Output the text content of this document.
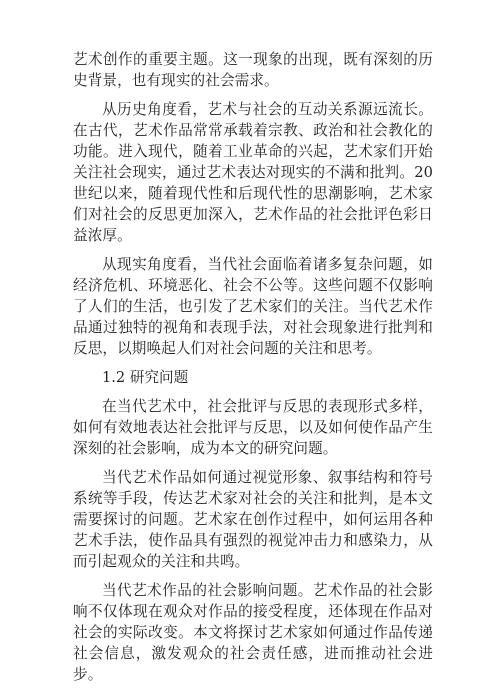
艺术创作的重要主题。这一现象的出现，既有深刻的历史背景，也有现实的社会需求。

从历史角度看，艺术与社会的互动关系源远流长。在古代，艺术作品常常承载着宗教、政治和社会教化的功能。进入现代，随着工业革命的兴起，艺术家们开始关注社会现实，通过艺术表达对现实的不满和批判。20 世纪以来，随着现代性和后现代性的思潮影响，艺术家们对社会的反思更加深入，艺术作品的社会批评色彩日益浓厚。

从现实角度看，当代社会面临着诸多复杂问题，如经济危机、环境恶化、社会不公等。这些问题不仅影响了人们的生活，也引发了艺术家们的关注。当代艺术作品通过独特的视角和表现手法，对社会现象进行批判和反思，以期唤起人们对社会问题的关注和思考。

1.2 研究问题

在当代艺术中，社会批评与反思的表现形式多样，如何有效地表达社会批评与反思，以及如何使作品产生深刻的社会影响，成为本文的研究问题。

当代艺术作品如何通过视觉形象、叙事结构和符号系统等手段，传达艺术家对社会的关注和批判，是本文需要探讨的问题。艺术家在创作过程中，如何运用各种艺术手法，使作品具有强烈的视觉冲击力和感染力，从而引起观众的关注和共鸣。

当代艺术作品的社会影响问题。艺术作品的社会影响不仅体现在观众对作品的接受程度，还体现在作品对社会的实际改变。本文将探讨艺术家如何通过作品传递社会信息，激发观众的社会责任感，进而推动社会进步。
